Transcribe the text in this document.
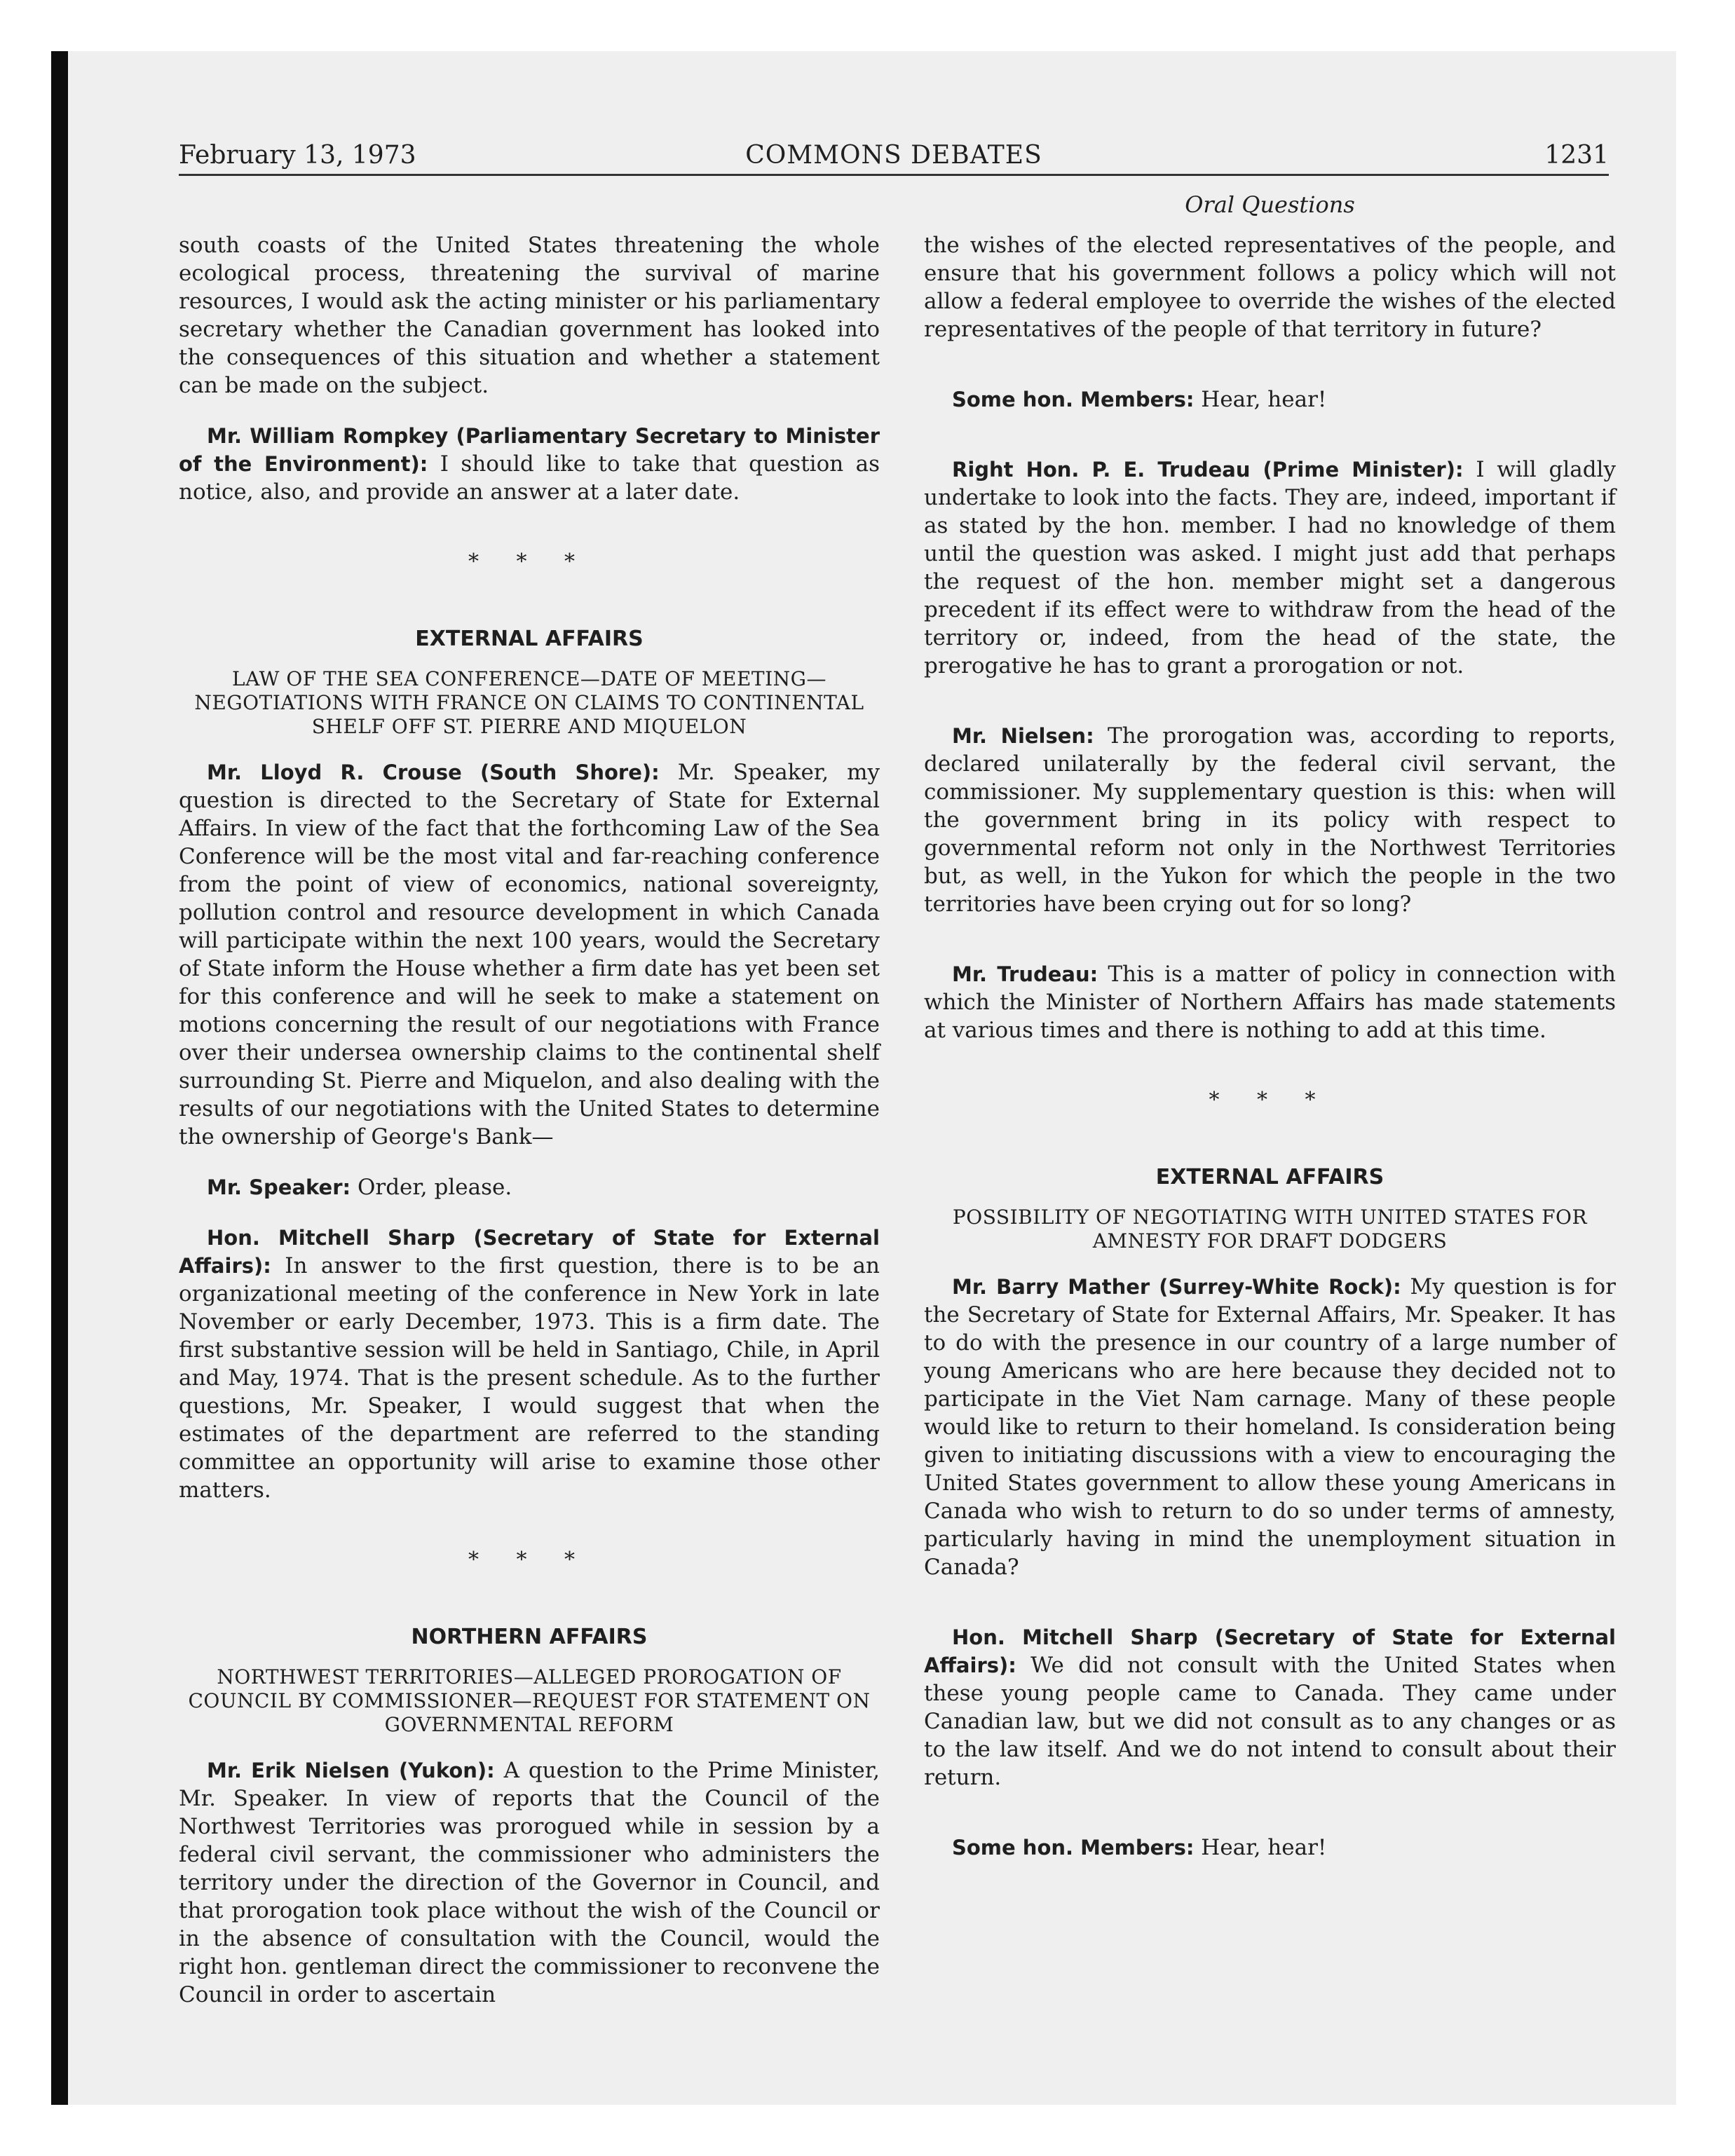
February 13, 1973	COMMONS DEBATES	1231

south coasts of the United States threatening the whole ecological process, threatening the survival of marine resources, I would ask the acting minister or his parliamentary secretary whether the Canadian government has looked into the consequences of this situation and whether a statement can be made on the subject.

Mr. William Rompkey (Parliamentary Secretary to Minister of the Environment): I should like to take that question as notice, also, and provide an answer at a later date.

* * *
EXTERNAL AFFAIRS
LAW OF THE SEA CONFERENCE—DATE OF MEETING—NEGOTIATIONS WITH FRANCE ON CLAIMS TO CONTINENTAL SHELF OFF ST. PIERRE AND MIQUELON

Mr. Lloyd R. Crouse (South Shore): Mr. Speaker, my question is directed to the Secretary of State for External Affairs. In view of the fact that the forthcoming Law of the Sea Conference will be the most vital and far-reaching conference from the point of view of economics, national sovereignty, pollution control and resource development in which Canada will participate within the next 100 years, would the Secretary of State inform the House whether a firm date has yet been set for this conference and will he seek to make a statement on motions concerning the result of our negotiations with France over their undersea ownership claims to the continental shelf surrounding St. Pierre and Miquelon, and also dealing with the results of our negotiations with the United States to determine the ownership of George's Bank—

Mr. Speaker: Order, please.

Hon. Mitchell Sharp (Secretary of State for External Affairs): In answer to the first question, there is to be an organizational meeting of the conference in New York in late November or early December, 1973. This is a firm date. The first substantive session will be held in Santiago, Chile, in April and May, 1974. That is the present schedule. As to the further questions, Mr. Speaker, I would suggest that when the estimates of the department are referred to the standing committee an opportunity will arise to examine those other matters.

* * *
NORTHERN AFFAIRS
NORTHWEST TERRITORIES—ALLEGED PROROGATION OF COUNCIL BY COMMISSIONER—REQUEST FOR STATEMENT ON GOVERNMENTAL REFORM

Mr. Erik Nielsen (Yukon): A question to the Prime Minister, Mr. Speaker. In view of reports that the Council of the Northwest Territories was prorogued while in session by a federal civil servant, the commissioner who administers the territory under the direction of the Governor in Council, and that prorogation took place without the wish of the Council or in the absence of consultation with the Council, would the right hon. gentleman direct the commissioner to reconvene the Council in order to ascertain

Oral Questions

the wishes of the elected representatives of the people, and ensure that his government follows a policy which will not allow a federal employee to override the wishes of the elected representatives of the people of that territory in future?

Some hon. Members: Hear, hear!

Right Hon. P. E. Trudeau (Prime Minister): I will gladly undertake to look into the facts. They are, indeed, important if as stated by the hon. member. I had no knowledge of them until the question was asked. I might just add that perhaps the request of the hon. member might set a dangerous precedent if its effect were to withdraw from the head of the territory or, indeed, from the head of the state, the prerogative he has to grant a prorogation or not.

Mr. Nielsen: The prorogation was, according to reports, declared unilaterally by the federal civil servant, the commissioner. My supplementary question is this: when will the government bring in its policy with respect to governmental reform not only in the Northwest Territories but, as well, in the Yukon for which the people in the two territories have been crying out for so long?

Mr. Trudeau: This is a matter of policy in connection with which the Minister of Northern Affairs has made statements at various times and there is nothing to add at this time.

* * *
EXTERNAL AFFAIRS
POSSIBILITY OF NEGOTIATING WITH UNITED STATES FOR AMNESTY FOR DRAFT DODGERS

Mr. Barry Mather (Surrey-White Rock): My question is for the Secretary of State for External Affairs, Mr. Speaker. It has to do with the presence in our country of a large number of young Americans who are here because they decided not to participate in the Viet Nam carnage. Many of these people would like to return to their homeland. Is consideration being given to initiating discussions with a view to encouraging the United States government to allow these young Americans in Canada who wish to return to do so under terms of amnesty, particularly having in mind the unemployment situation in Canada?

Hon. Mitchell Sharp (Secretary of State for External Affairs): We did not consult with the United States when these young people came to Canada. They came under Canadian law, but we did not consult as to any changes or as to the law itself. And we do not intend to consult about their return.

Some hon. Members: Hear, hear!
